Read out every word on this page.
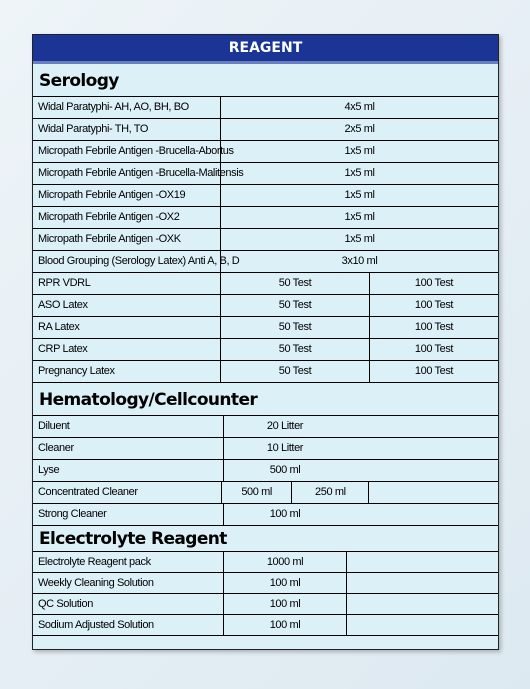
REAGENT
Serology
Widal Paratyphi- AH, AO, BH, BO	4x5 ml
Widal Paratyphi- TH, TO	2x5 ml
Micropath Febrile Antigen -Brucella-Abortus	1x5 ml
Micropath Febrile Antigen -Brucella-Malitensis	1x5 ml
Micropath Febrile Antigen -OX19	1x5 ml
Micropath Febrile Antigen -OX2	1x5 ml
Micropath Febrile Antigen -OXK	1x5 ml
Blood Grouping (Serology Latex) Anti A, B, D	3x10 ml
RPR VDRL	50 Test	100 Test
ASO Latex	50 Test	100 Test
RA Latex	50 Test	100 Test
CRP Latex	50 Test	100 Test
Pregnancy Latex	50 Test	100 Test
Hematology/Cellcounter
Diluent	20 Litter
Cleaner	10 Litter
Lyse	500 ml
Concentrated Cleaner	500 ml	250 ml
Strong Cleaner	100 ml
Elcectrolyte Reagent
Electrolyte Reagent pack	1000 ml
Weekly Cleaning Solution	100 ml
QC Solution	100 ml
Sodium Adjusted Solution	100 ml
